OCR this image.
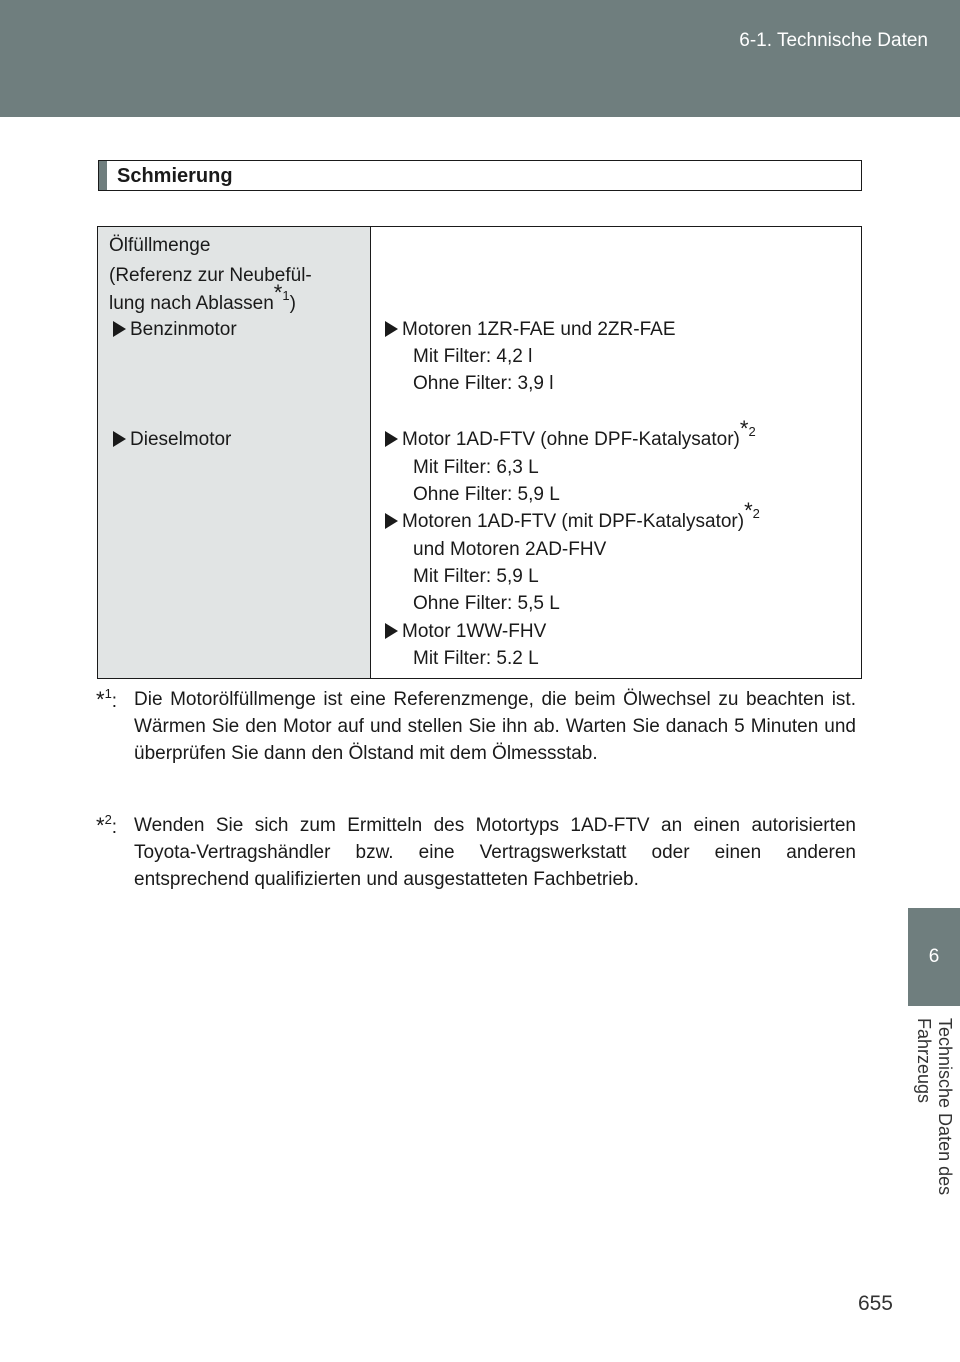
6-1. Technische Daten
6
Technische Daten des Fahrzeugs
Schmierung
Ölfüllmenge
(Referenz zur Neubefül-
lung nach Ablassen$^{*1}$)
Benzinmotor
Dieselmotor
Motoren 1ZR-FAE und 2ZR-FAE
Mit Filter: 4,2 l
Ohne Filter: 3,9 l
Motor 1AD-FTV (ohne DPF-Katalysator)$^{*2}$
Mit Filter: 6,3 L
Ohne Filter: 5,9 L
Motoren 1AD-FTV (mit DPF-Katalysator)$^{*2}$
und Motoren 2AD-FHV
Mit Filter: 5,9 L
Ohne Filter: 5,5 L
Motor 1WW-FHV
Mit Filter: 5.2 L
*$^1$: Die Motorölfüllmenge ist eine Referenzmenge, die beim Ölwechsel zu beachten ist. Wärmen Sie den Motor auf und stellen Sie ihn ab. Warten Sie danach 5 Minuten und überprüfen Sie dann den Ölstand mit dem Ölmessstab.
*$^2$: Wenden Sie sich zum Ermitteln des Motortyps 1AD-FTV an einen autorisierten Toyota-Vertragshändler bzw. eine Vertragswerkstatt oder einen anderen entsprechend qualifizierten und ausgestatteten Fachbetrieb.
655
